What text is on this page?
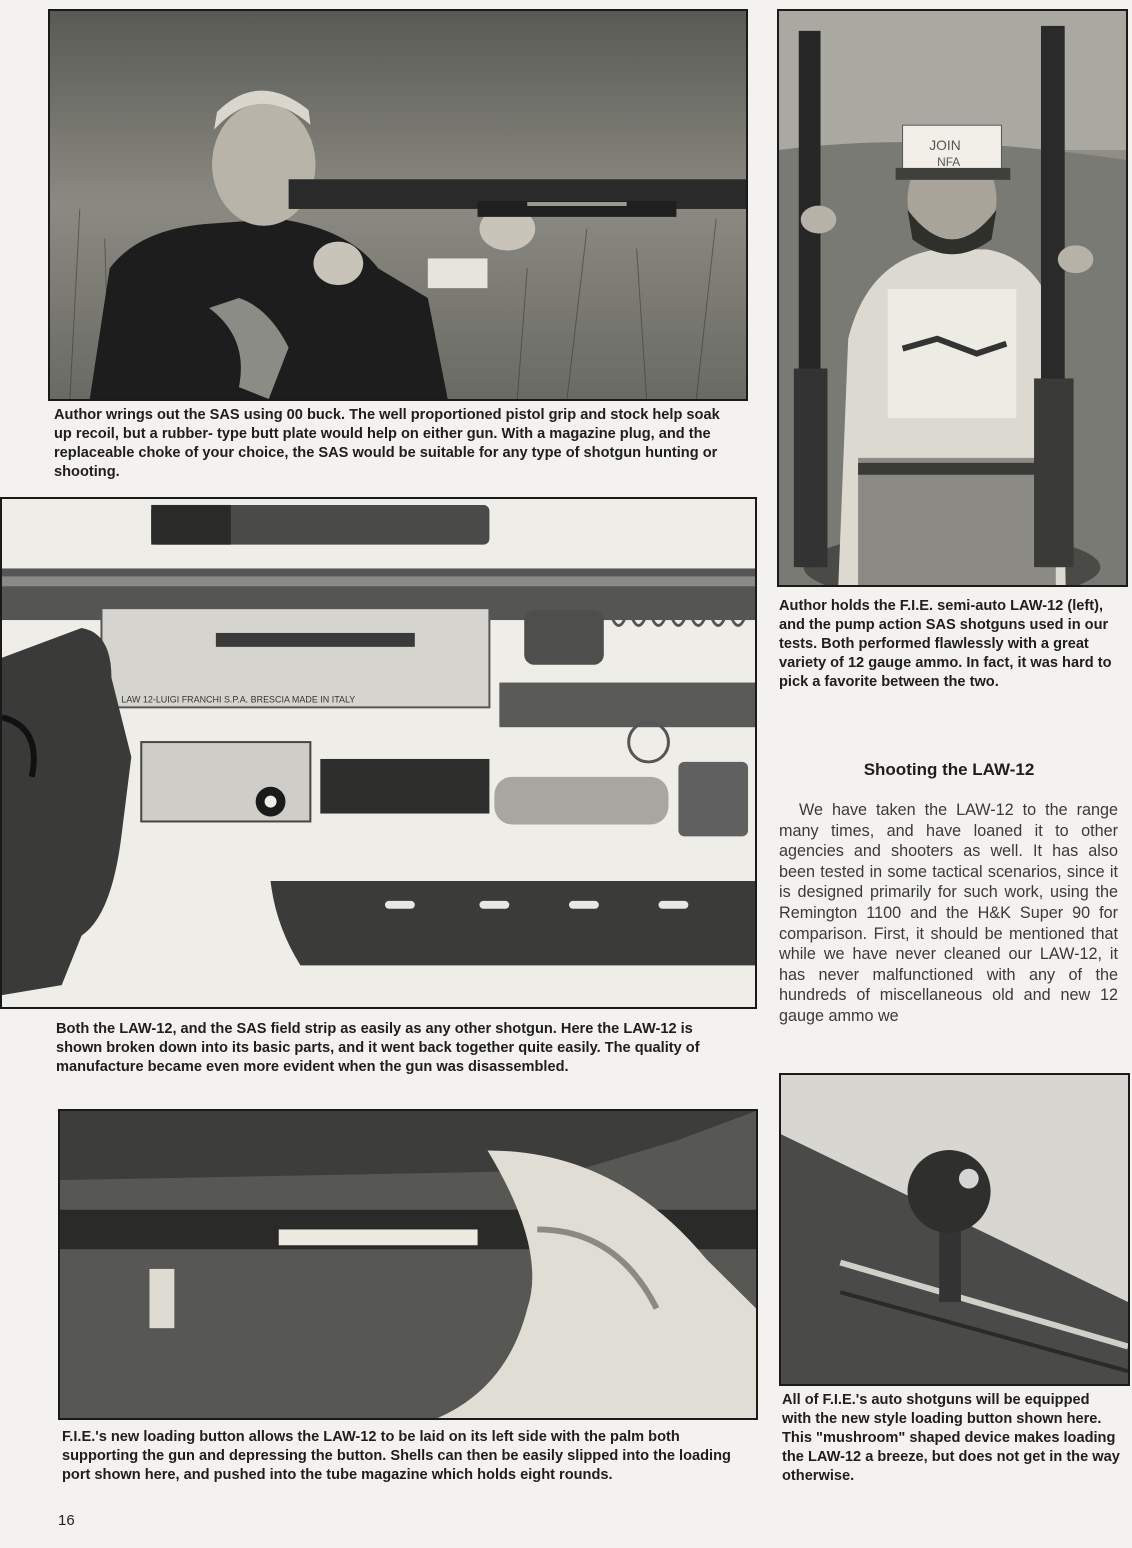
JOIN
NFA
LAW 12-LUIGI FRANCHI S.P.A. BRESCIA MADE IN ITALY

Author wrings out the SAS using 00 buck. The well proportioned pistol grip and stock help soak up recoil, but a rubber- type butt plate would help on either gun. With a magazine plug, and the replaceable choke of your choice, the SAS would be suitable for any type of shotgun hunting or shooting.

Author holds the F.I.E. semi-auto LAW-12 (left), and the pump action SAS shotguns used in our tests. Both performed flawlessly with a great variety of 12 gauge ammo. In fact, it was hard to pick a favorite between the two.

Both the LAW-12, and the SAS field strip as easily as any other shotgun. Here the LAW-12 is shown broken down into its basic parts, and it went back together quite easily. The quality of manufacture became even more evident when the gun was disassembled.

F.I.E.'s new loading button allows the LAW-12 to be laid on its left side with the palm both supporting the gun and depressing the button. Shells can then be easily slipped into the loading port shown here, and pushed into the tube magazine which holds eight rounds.

All of F.I.E.'s auto shotguns will be equipped with the new style loading button shown here. This "mushroom" shaped device makes loading the LAW-12 a breeze, but does not get in the way otherwise.

Shooting the LAW-12

We have taken the LAW-12 to the range many times, and have loaned it to other agencies and shooters as well. It has also been tested in some tactical scenarios, since it is designed primarily for such work, using the Remington 1100 and the H&K Super 90 for comparison. First, it should be mentioned that while we have never cleaned our LAW-12, it has never malfunctioned with any of the hundreds of miscellaneous old and new 12 gauge ammo we

16
